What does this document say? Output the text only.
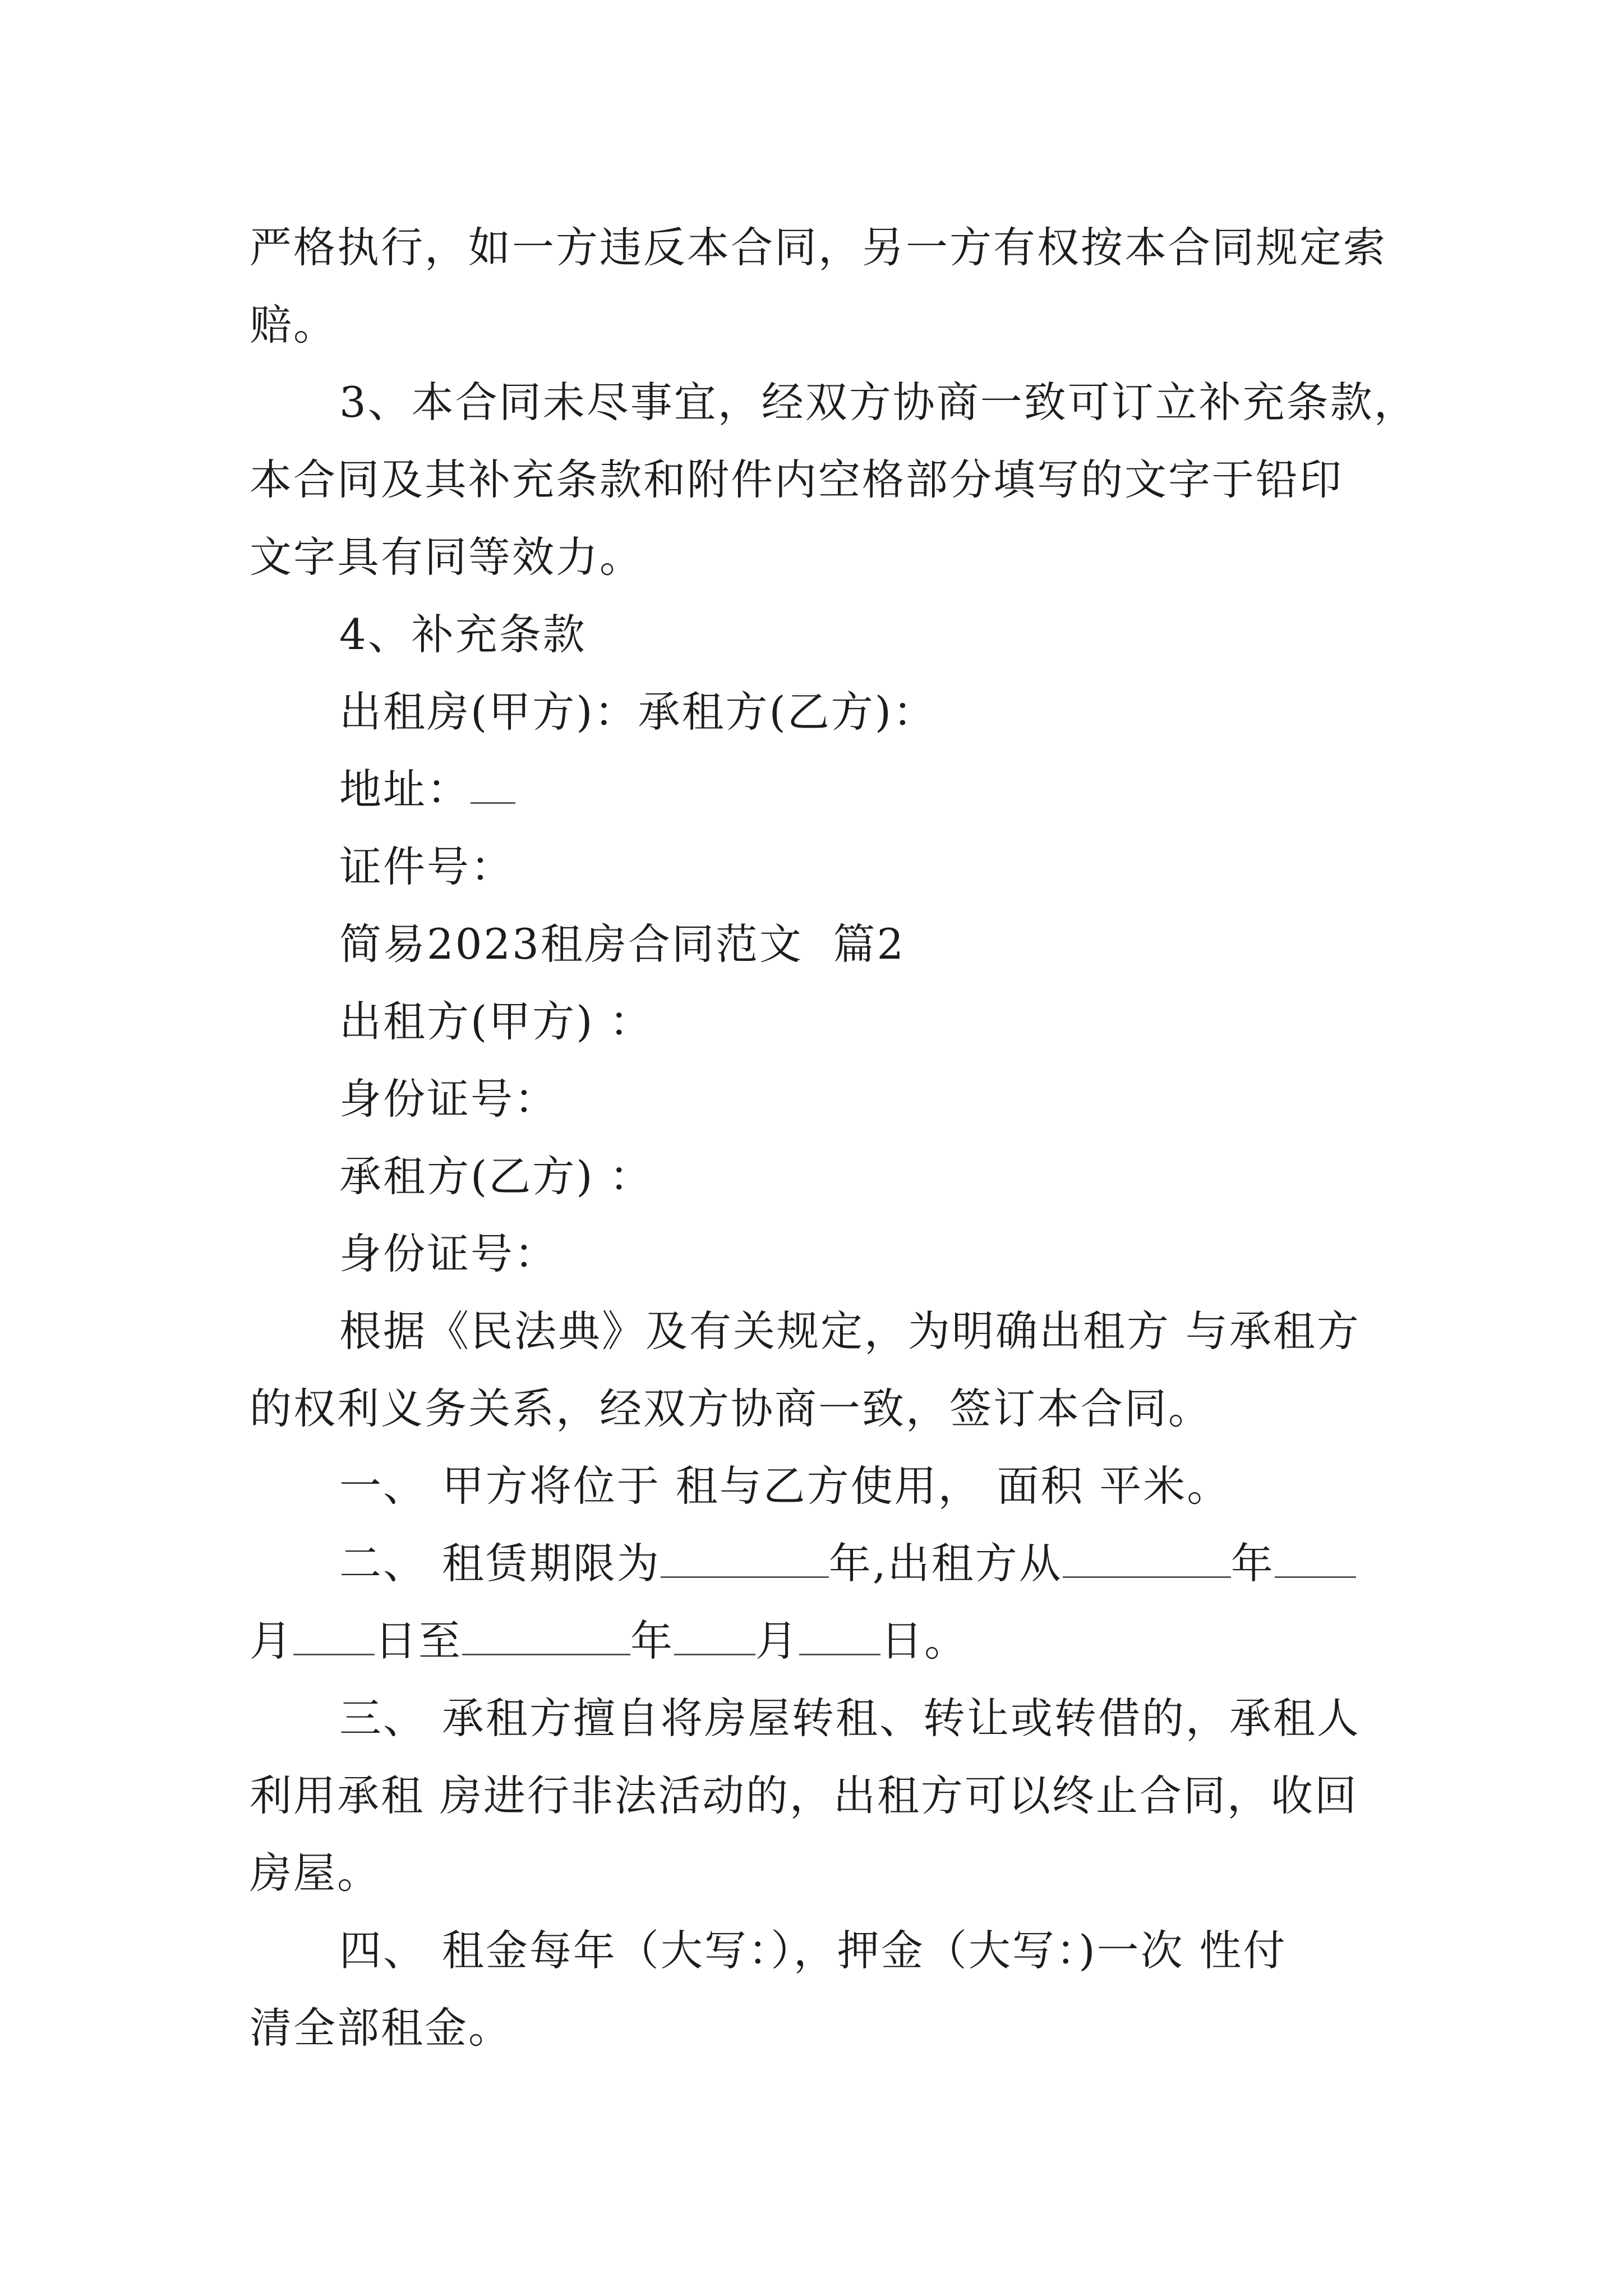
严格执行，如一方违反本合同，另一方有权按本合同规定索
赔。
3、本合同未尽事宜，经双方协商一致可订立补充条款，
本合同及其补充条款和附件内空格部分填写的文字于铅印
文字具有同等效力。
4、补充条款
出租房(甲方)：承租方(乙方)：
地址：
证件号：
简易2023租房合同范文  篇2
出租方(甲方) ：
身份证号：
承租方(乙方) ：
身份证号：
根据《民法典》及有关规定，为明确出租方 与承租方
的权利义务关系，经双方协商一致，签订本合同。
一、 甲方将位于 租与乙方使用， 面积 平米。
二、 租赁期限为	年,出租方从	年
月 日至	年 月 日。
三、 承租方擅自将房屋转租、转让或转借的，承租人
利用承租 房进行非法活动的，出租方可以终止合同，收回
房屋。
四、 租金每年（大写：），押金（大写：)一次 性付
清全部租金。
